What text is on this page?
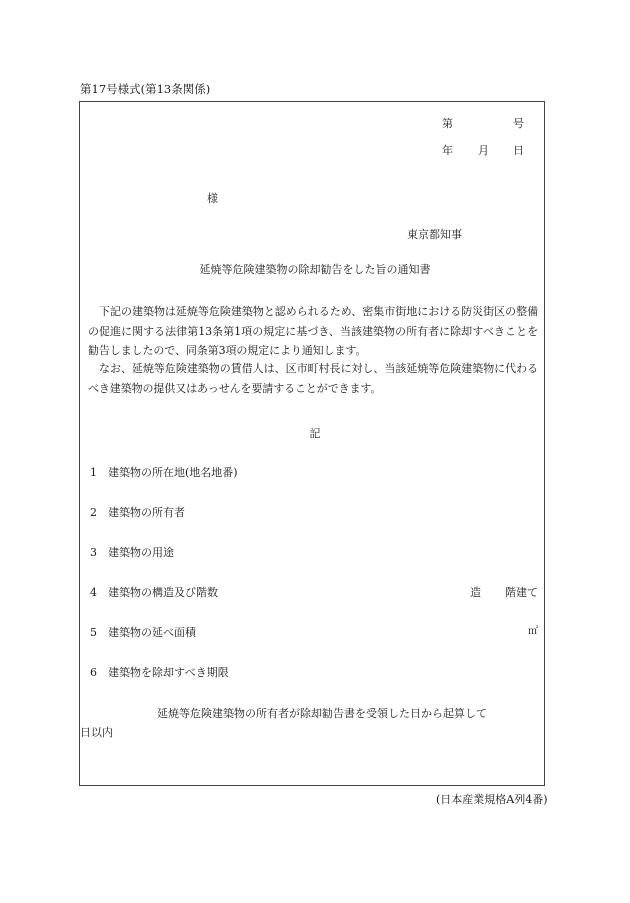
第17号様式(第13条関係)
第	号
年 月 日
様
東京都知事
延焼等危険建築物の除却勧告をした旨の通知書

下記の建築物は延焼等危険建築物と認められるため、密集市街地における防災街区の整備の促進に関する法律第13条第1項の規定に基づき、当該建築物の所有者に除却すべきことを勧告しましたので、同条第3項の規定により通知します。

なお、延焼等危険建築物の賃借人は、区市町村長に対し、当該延焼等危険建築物に代わるべき建築物の提供又はあっせんを要請することができます。

記
1 建築物の所在地(地名地番)
2 建築物の所有者
3 建築物の用途
4 建築物の構造及び階数	造 階建て
5 建築物の延べ面積	㎡
6 建築物を除却すべき期限
延焼等危険建築物の所有者が除却勧告書を受領した日から起算して
日以内
(日本産業規格A列4番)
